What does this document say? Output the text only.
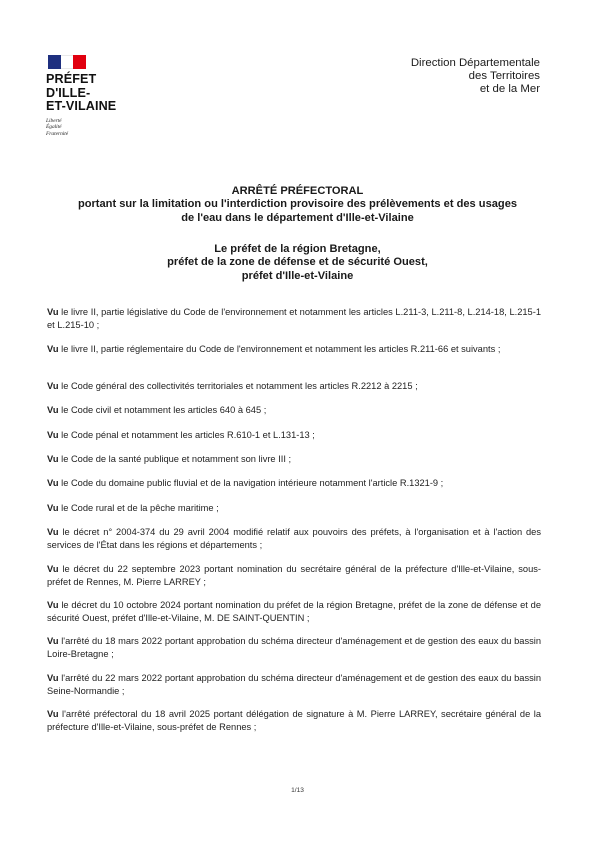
PRÉFET
D'ILLE-
ET-VILAINE
Liberté
Égalité
Fraternité
Direction Départementale
des Territoires
et de la Mer

ARRÊTÉ PRÉFECTORAL

portant sur la limitation ou l'interdiction provisoire des prélèvements et des usages

de l'eau dans le département d'Ille-et-Vilaine

Le préfet de la région Bretagne,

préfet de la zone de défense et de sécurité Ouest,

préfet d'Ille-et-Vilaine

Vu le livre II, partie législative du Code de l'environnement et notamment les articles L.211-3, L.211-8, L.214-18, L.215-1 et L.215-10 ;

Vu le livre II, partie réglementaire du Code de l'environnement et notamment les articles R.211-66 et suivants ;

Vu le Code général des collectivités territoriales et notamment les articles R.2212 à 2215 ;

Vu le Code civil et notamment les articles 640 à 645 ;

Vu le Code pénal et notamment les articles R.610-1 et L.131-13 ;

Vu le Code de la santé publique et notamment son livre III ;

Vu le Code du domaine public fluvial et de la navigation intérieure notamment l'article R.1321-9 ;

Vu le Code rural et de la pêche maritime ;

Vu le décret n° 2004-374 du 29 avril 2004 modifié relatif aux pouvoirs des préfets, à l'organisation et à l'action des services de l'État dans les régions et départements ;

Vu le décret du 22 septembre 2023 portant nomination du secrétaire général de la préfecture d'Ille-et-Vilaine, sous-préfet de Rennes, M. Pierre LARREY ;

Vu le décret du 10 octobre 2024 portant nomination du préfet de la région Bretagne, préfet de la zone de défense et de sécurité Ouest, préfet d'Ille-et-Vilaine, M. DE SAINT-QUENTIN ;

Vu l'arrêté du 18 mars 2022 portant approbation du schéma directeur d'aménagement et de gestion des eaux du bassin Loire-Bretagne ;

Vu l'arrêté du 22 mars 2022 portant approbation du schéma directeur d'aménagement et de gestion des eaux du bassin Seine-Normandie ;

Vu l'arrêté préfectoral du 18 avril 2025 portant délégation de signature à M. Pierre LARREY, secrétaire général de la préfecture d'Ille-et-Vilaine, sous-préfet de Rennes ;

1/13
